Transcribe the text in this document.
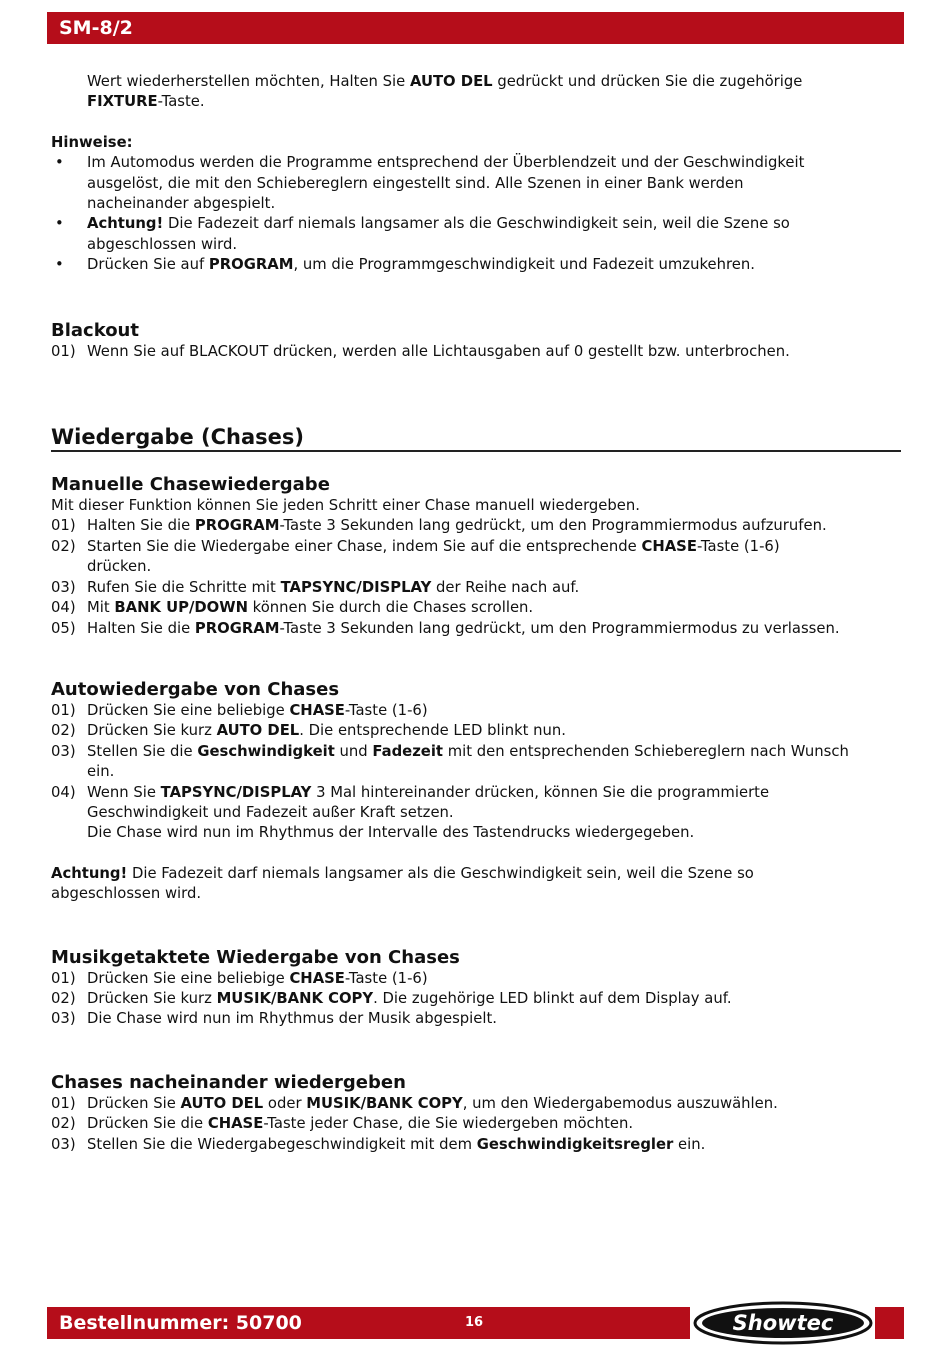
SM-8/2
Wert wiederherstellen möchten, Halten Sie AUTO DEL gedrückt und drücken Sie die zugehörige
FIXTURE-Taste.
Hinweise:
• Im Automodus werden die Programme entsprechend der Überblendzeit und der Geschwindigkeit
ausgelöst, die mit den Schiebereglern eingestellt sind. Alle Szenen in einer Bank werden
nacheinander abgespielt.
• Achtung! Die Fadezeit darf niemals langsamer als die Geschwindigkeit sein, weil die Szene so
abgeschlossen wird.
• Drücken Sie auf PROGRAM, um die Programmgeschwindigkeit und Fadezeit umzukehren.
Blackout
01) Wenn Sie auf BLACKOUT drücken, werden alle Lichtausgaben auf 0 gestellt bzw. unterbrochen.
Wiedergabe (Chases)
Manuelle Chasewiedergabe
Mit dieser Funktion können Sie jeden Schritt einer Chase manuell wiedergeben.
01) Halten Sie die PROGRAM-Taste 3 Sekunden lang gedrückt, um den Programmiermodus aufzurufen.
02) Starten Sie die Wiedergabe einer Chase, indem Sie auf die entsprechende CHASE-Taste (1-6)
drücken.
03) Rufen Sie die Schritte mit TAPSYNC/DISPLAY der Reihe nach auf.
04) Mit BANK UP/DOWN können Sie durch die Chases scrollen.
05) Halten Sie die PROGRAM-Taste 3 Sekunden lang gedrückt, um den Programmiermodus zu verlassen.
Autowiedergabe von Chases
01) Drücken Sie eine beliebige CHASE-Taste (1-6)
02) Drücken Sie kurz AUTO DEL. Die entsprechende LED blinkt nun.
03) Stellen Sie die Geschwindigkeit und Fadezeit mit den entsprechenden Schiebereglern nach Wunsch
ein.
04) Wenn Sie TAPSYNC/DISPLAY 3 Mal hintereinander drücken, können Sie die programmierte
Geschwindigkeit und Fadezeit außer Kraft setzen.
Die Chase wird nun im Rhythmus der Intervalle des Tastendrucks wiedergegeben.
Achtung! Die Fadezeit darf niemals langsamer als die Geschwindigkeit sein, weil die Szene so
abgeschlossen wird.
Musikgetaktete Wiedergabe von Chases
01) Drücken Sie eine beliebige CHASE-Taste (1-6)
02) Drücken Sie kurz MUSIK/BANK COPY. Die zugehörige LED blinkt auf dem Display auf.
03) Die Chase wird nun im Rhythmus der Musik abgespielt.
Chases nacheinander wiedergeben
01) Drücken Sie AUTO DEL oder MUSIK/BANK COPY, um den Wiedergabemodus auszuwählen.
02) Drücken Sie die CHASE-Taste jeder Chase, die Sie wiedergeben möchten.
03) Stellen Sie die Wiedergabegeschwindigkeit mit dem Geschwindigkeitsregler ein.
Bestellnummer: 50700	16	Showtec
